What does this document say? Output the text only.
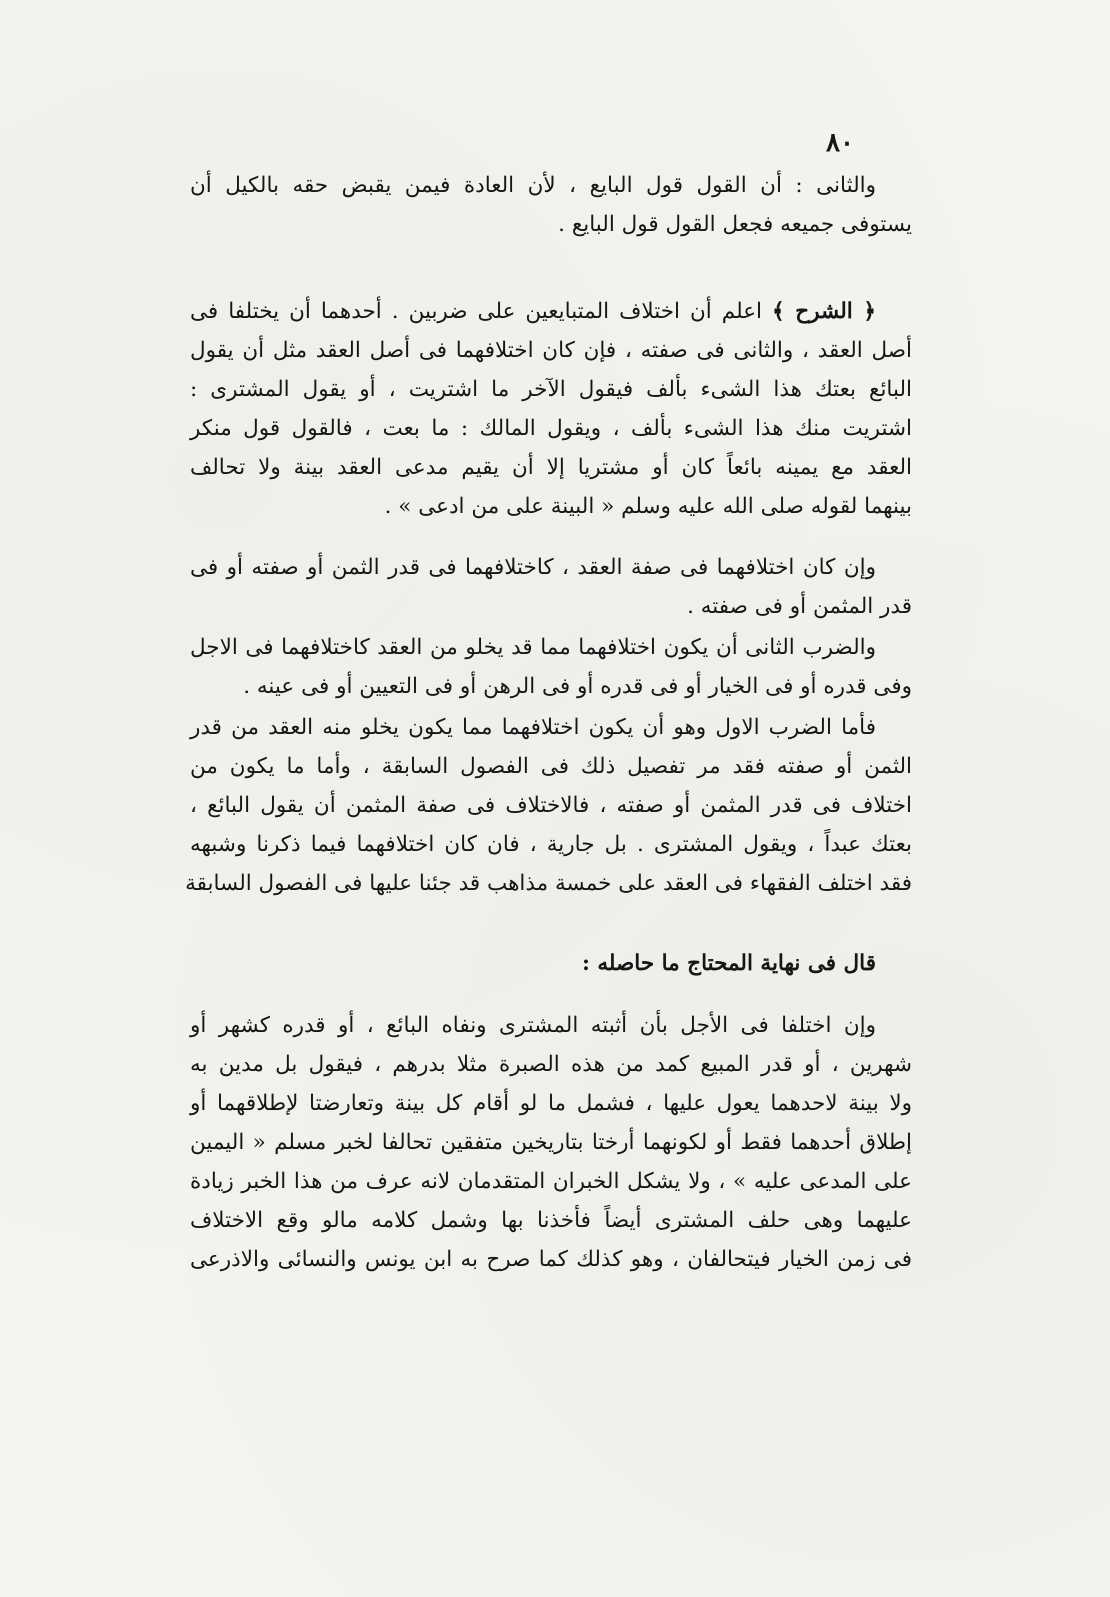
٨٠
والثانى : أن القول قول البايع ، لأن العادة فيمن يقبض حقه بالكيل أن
يستوفى جميعه فجعل القول قول البايع .
﴿ الشرح ﴾ اعلم أن اختلاف المتبايعين على ضربين . أحدهما أن يختلفا فى
أصل العقد ، والثانى فى صفته ، فإن كان اختلافهما فى أصل العقد مثل أن يقول
البائع بعتك هذا الشىء بألف فيقول الآخر ما اشتريت ، أو يقول المشترى :
اشتريت منك هذا الشىء بألف ، ويقول المالك : ما بعت ، فالقول قول منكر
العقد مع يمينه بائعاً كان أو مشتريا إلا أن يقيم مدعى العقد بينة ولا تحالف
بينهما لقوله صلى الله عليه وسلم « البينة على من ادعى » .
وإن كان اختلافهما فى صفة العقد ، كاختلافهما فى قدر الثمن أو صفته أو فى
قدر المثمن أو فى صفته .
والضرب الثانى أن يكون اختلافهما مما قد يخلو من العقد كاختلافهما فى الاجل
وفى قدره أو فى الخيار أو فى قدره أو فى الرهن أو فى التعيين أو فى عينه .
فأما الضرب الاول وهو أن يكون اختلافهما مما يكون يخلو منه العقد من قدر
الثمن أو صفته فقد مر تفصيل ذلك فى الفصول السابقة ، وأما ما يكون من
اختلاف فى قدر المثمن أو صفته ، فالاختلاف فى صفة المثمن أن يقول البائع ،
بعتك عبداً ، ويقول المشترى . بل جارية ، فان كان اختلافهما فيما ذكرنا وشبهه
فقد اختلف الفقهاء فى العقد على خمسة مذاهب قد جئنا عليها فى الفصول السابقة
قال فى نهاية المحتاج ما حاصله :
وإن اختلفا فى الأجل بأن أثبته المشترى ونفاه البائع ، أو قدره كشهر أو
شهرين ، أو قدر المبيع كمد من هذه الصبرة مثلا بدرهم ، فيقول بل مدين به
ولا بينة لاحدهما يعول عليها ، فشمل ما لو أقام كل بينة وتعارضتا لإطلاقهما أو
إطلاق أحدهما فقط أو لكونهما أرختا بتاريخين متفقين تحالفا لخبر مسلم « اليمين
على المدعى عليه » ، ولا يشكل الخبران المتقدمان لانه عرف من هذا الخبر زيادة
عليهما وهى حلف المشترى أيضاً فأخذنا بها وشمل كلامه مالو وقع الاختلاف
فى زمن الخيار فيتحالفان ، وهو كذلك كما صرح به ابن يونس والنسائى والاذرعى
